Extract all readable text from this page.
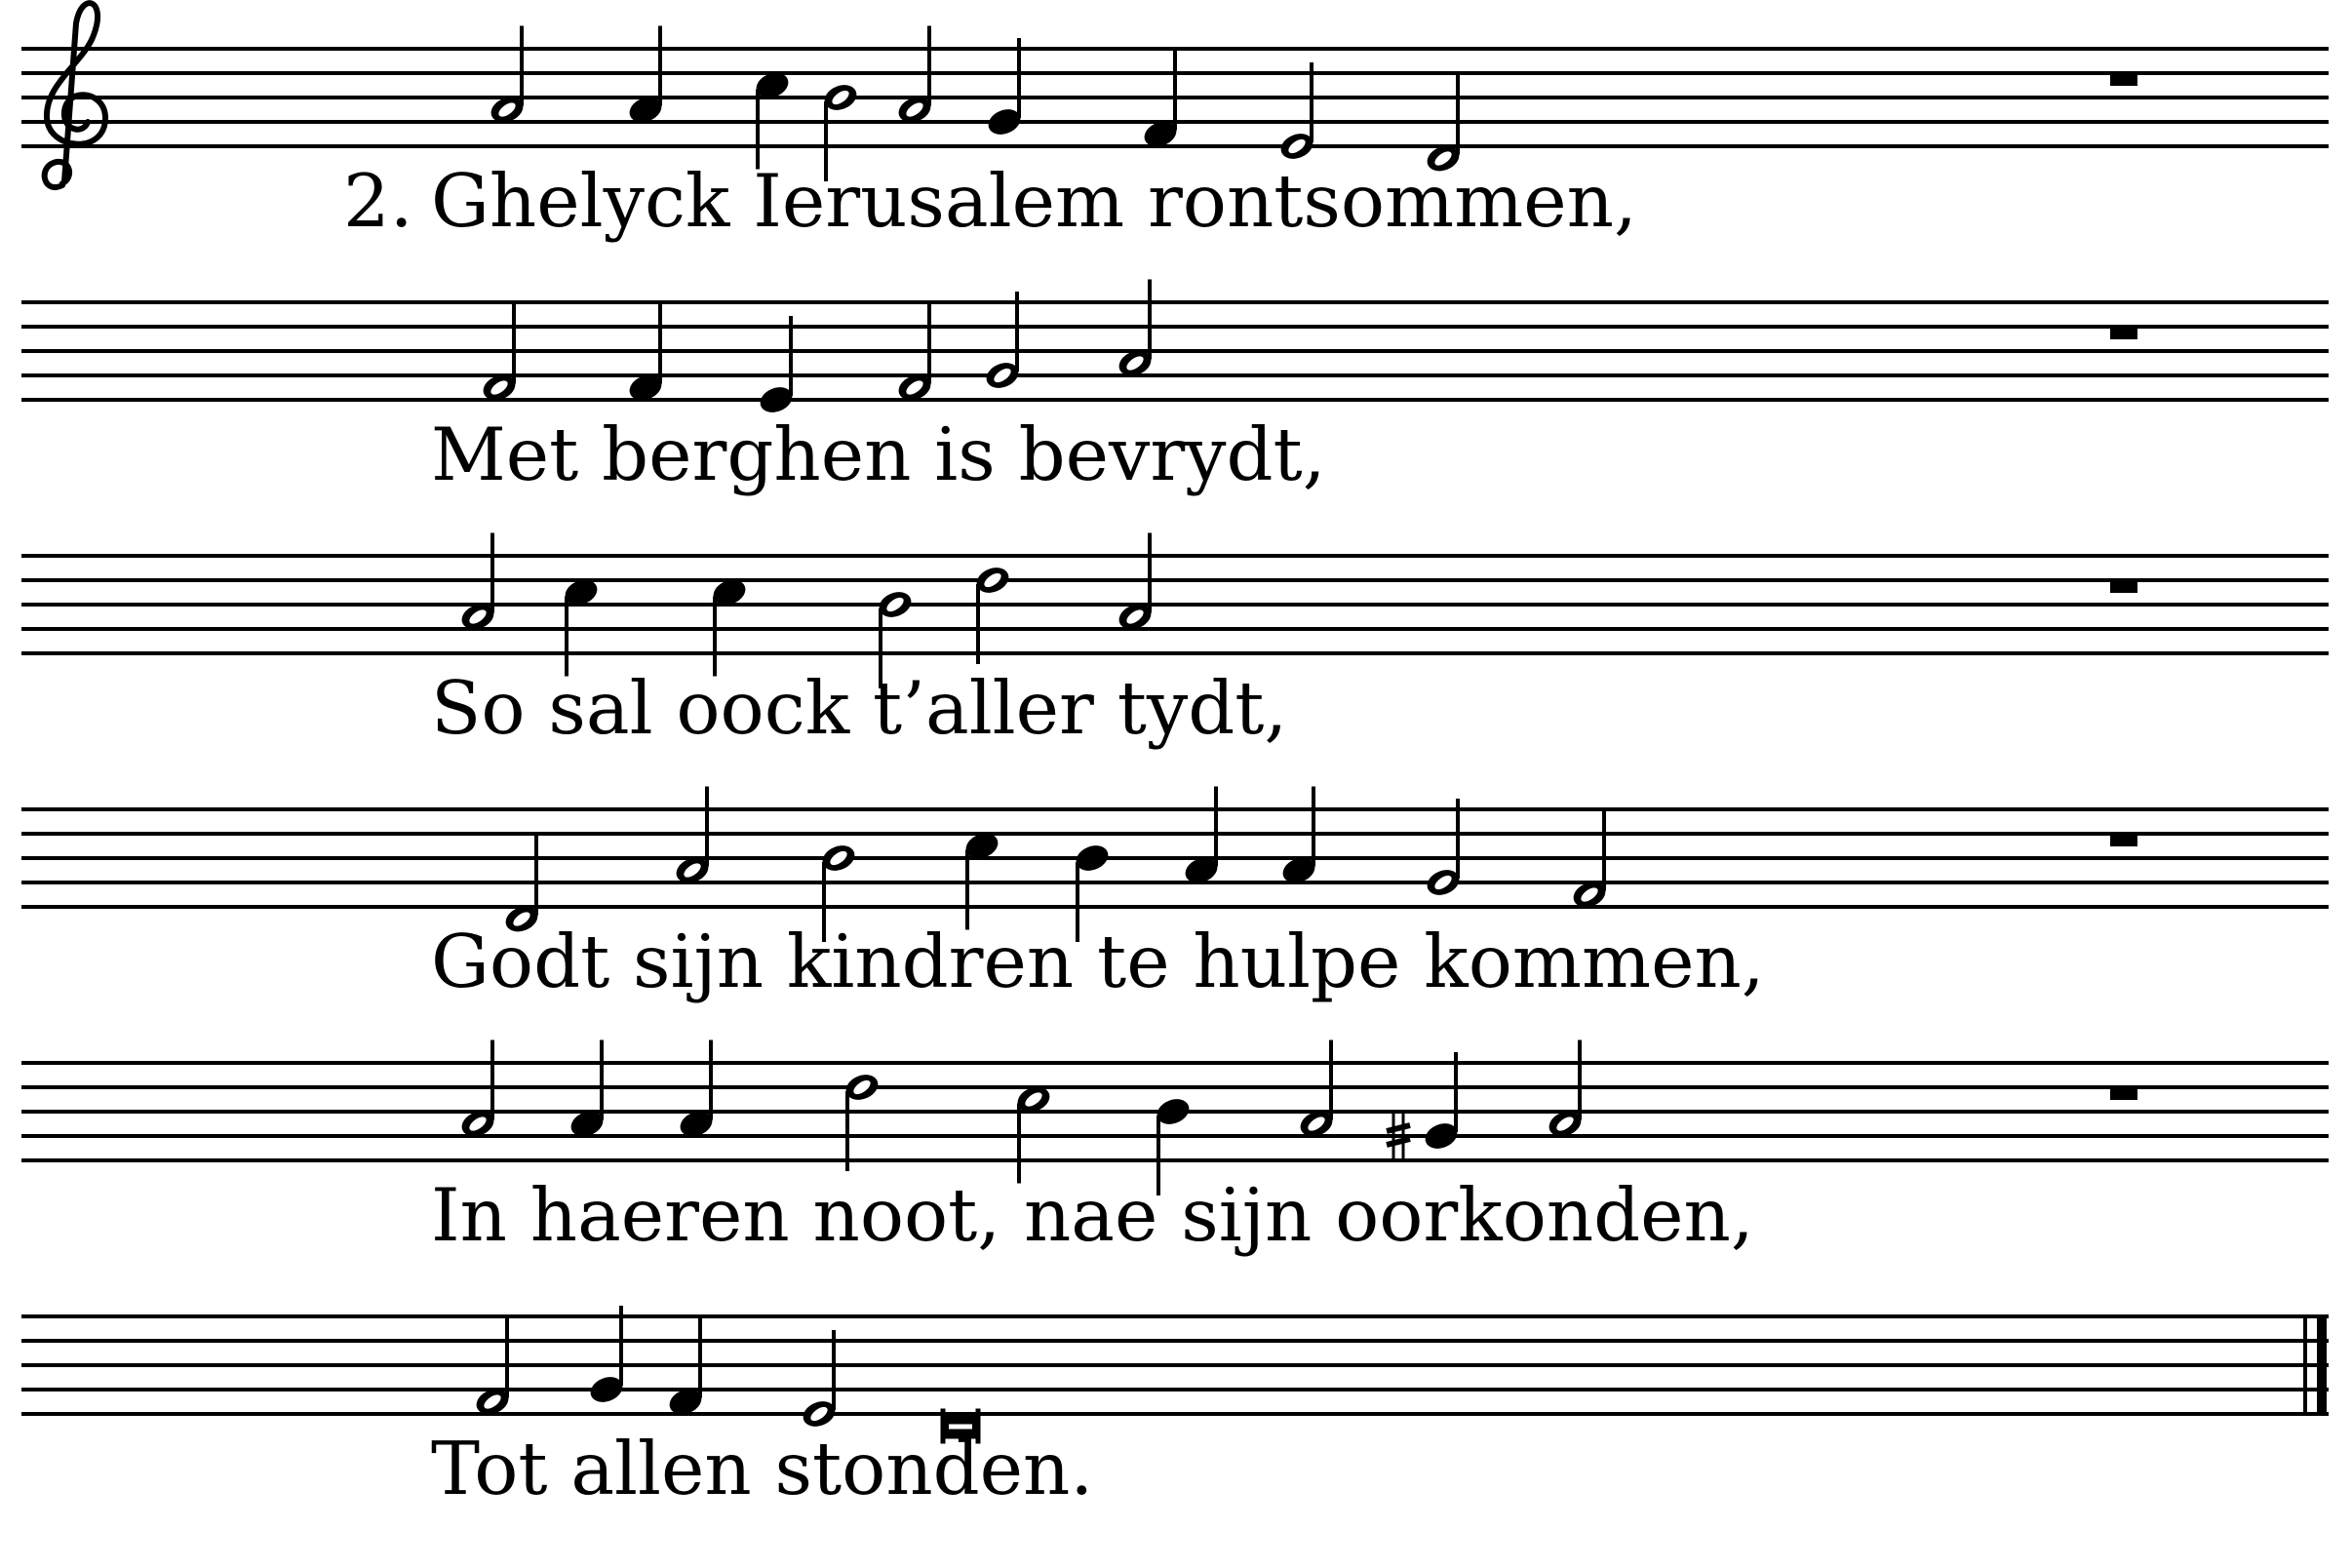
Ghelyck Ierusalem rontsommen,
2.
Met berghen is bevrydt,
So sal oock t’aller tydt,
Godt sijn kindren te hulpe kommen,
In haeren noot, nae sijn oorkonden,
Tot allen stonden.
